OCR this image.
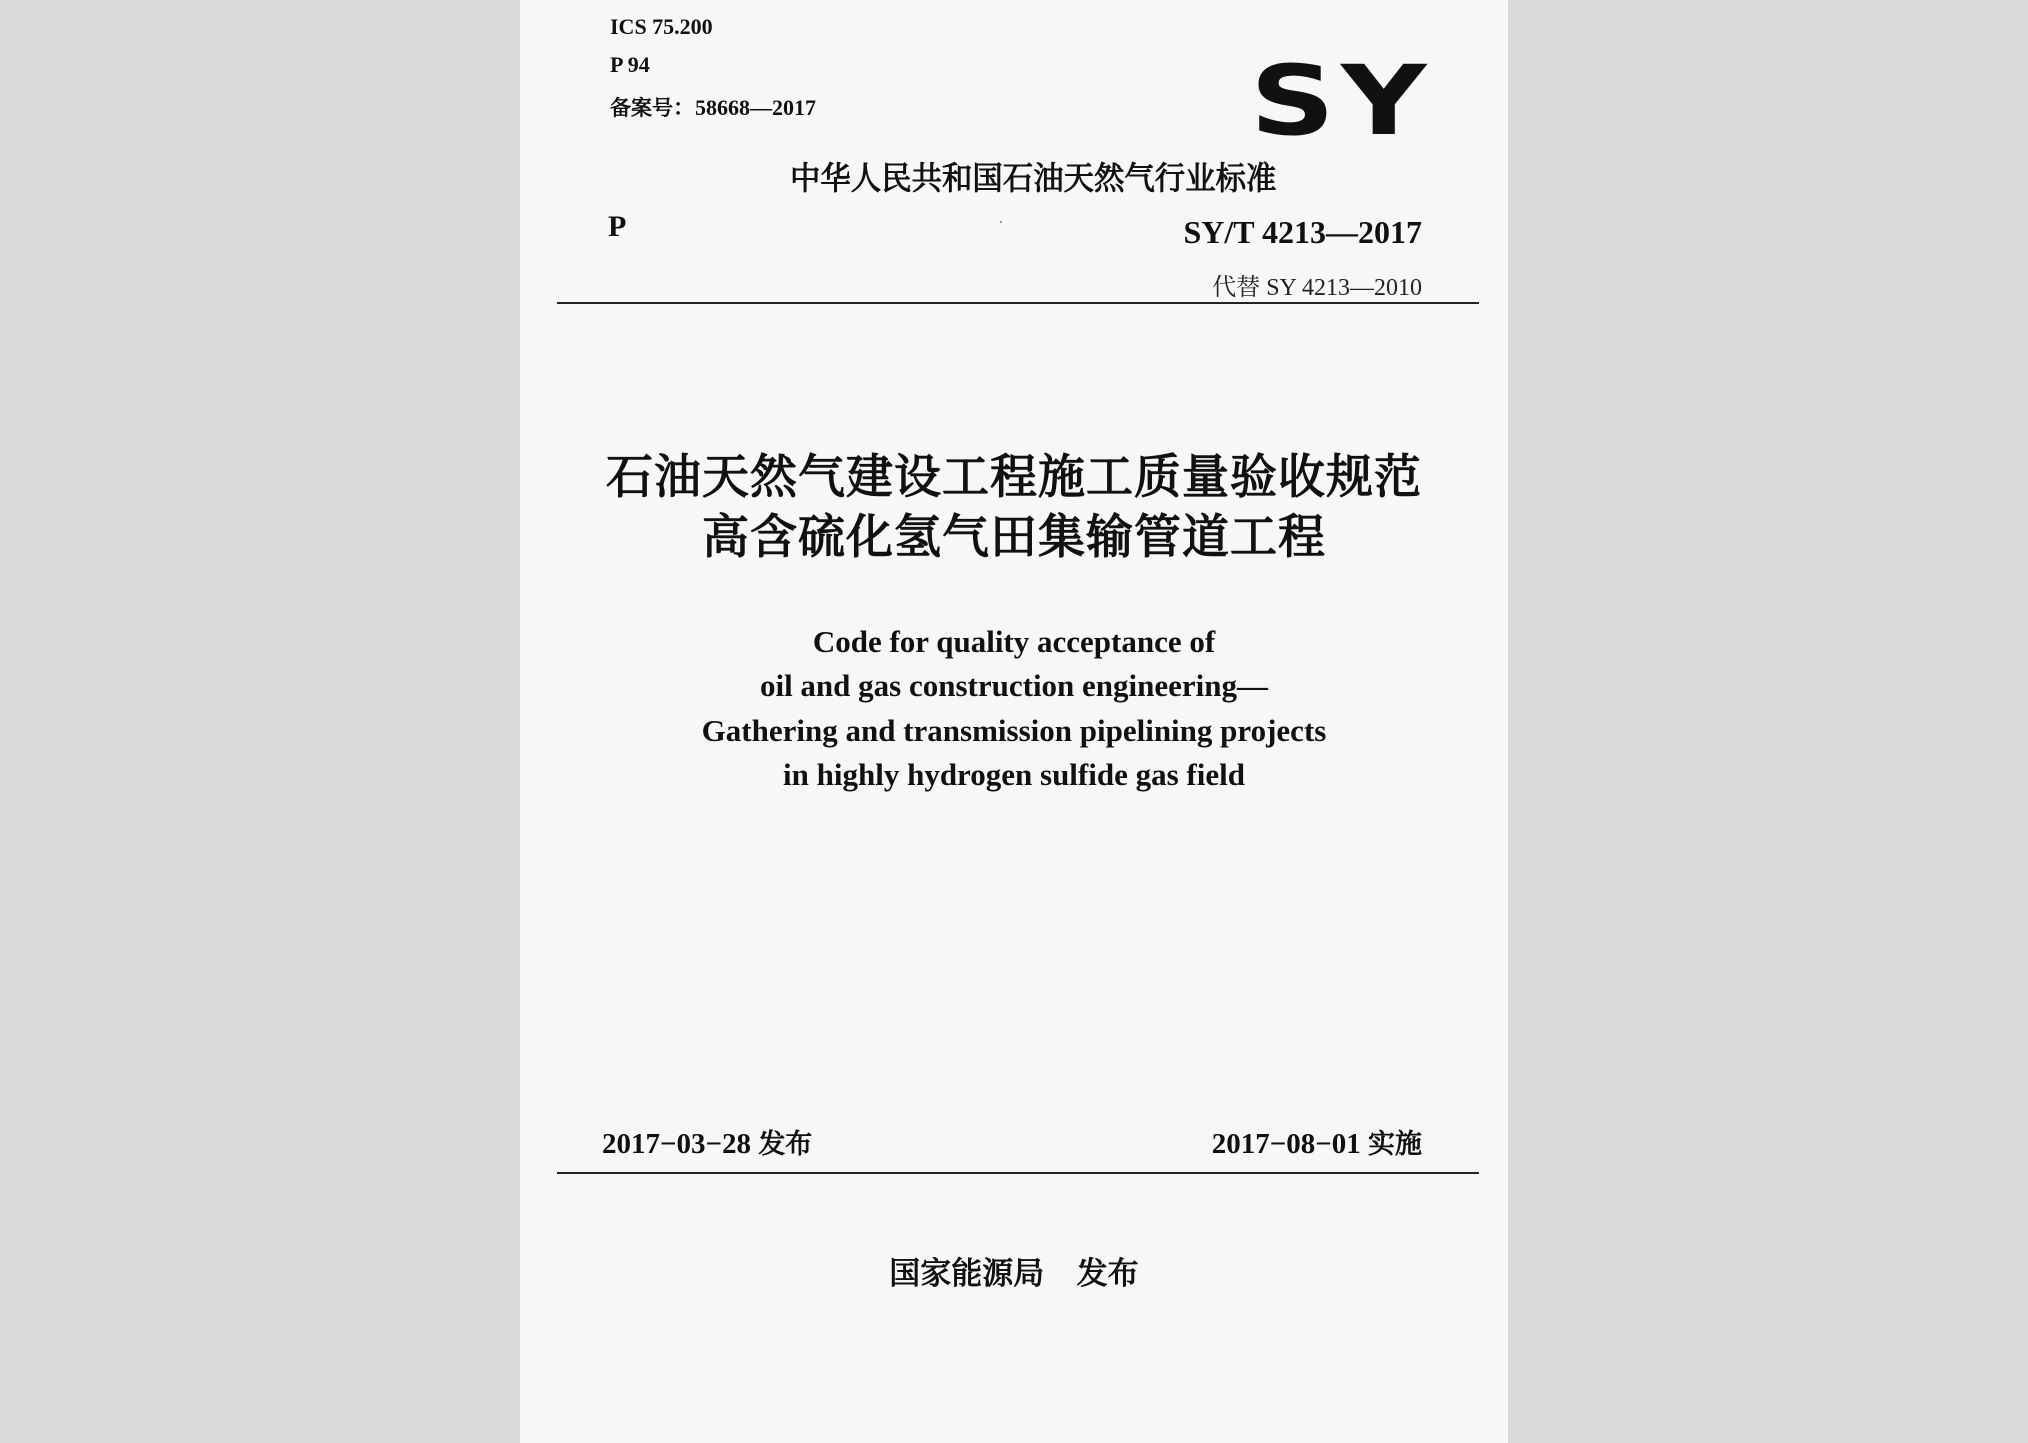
ICS 75.200
P 94
备案号：58668—2017	SY
中华人民共和国石油天然气行业标准
P	SY/T 4213—2017
代替 SY 4213—2010
石油天然气建设工程施工质量验收规范
高含硫化氢气田集输管道工程
Code for quality acceptance of
oil and gas construction engineering—
Gathering and transmission pipelining projects
in highly hydrogen sulfide gas field
2017−03−28 发布	2017−08−01 实施
国家能源局   发布
